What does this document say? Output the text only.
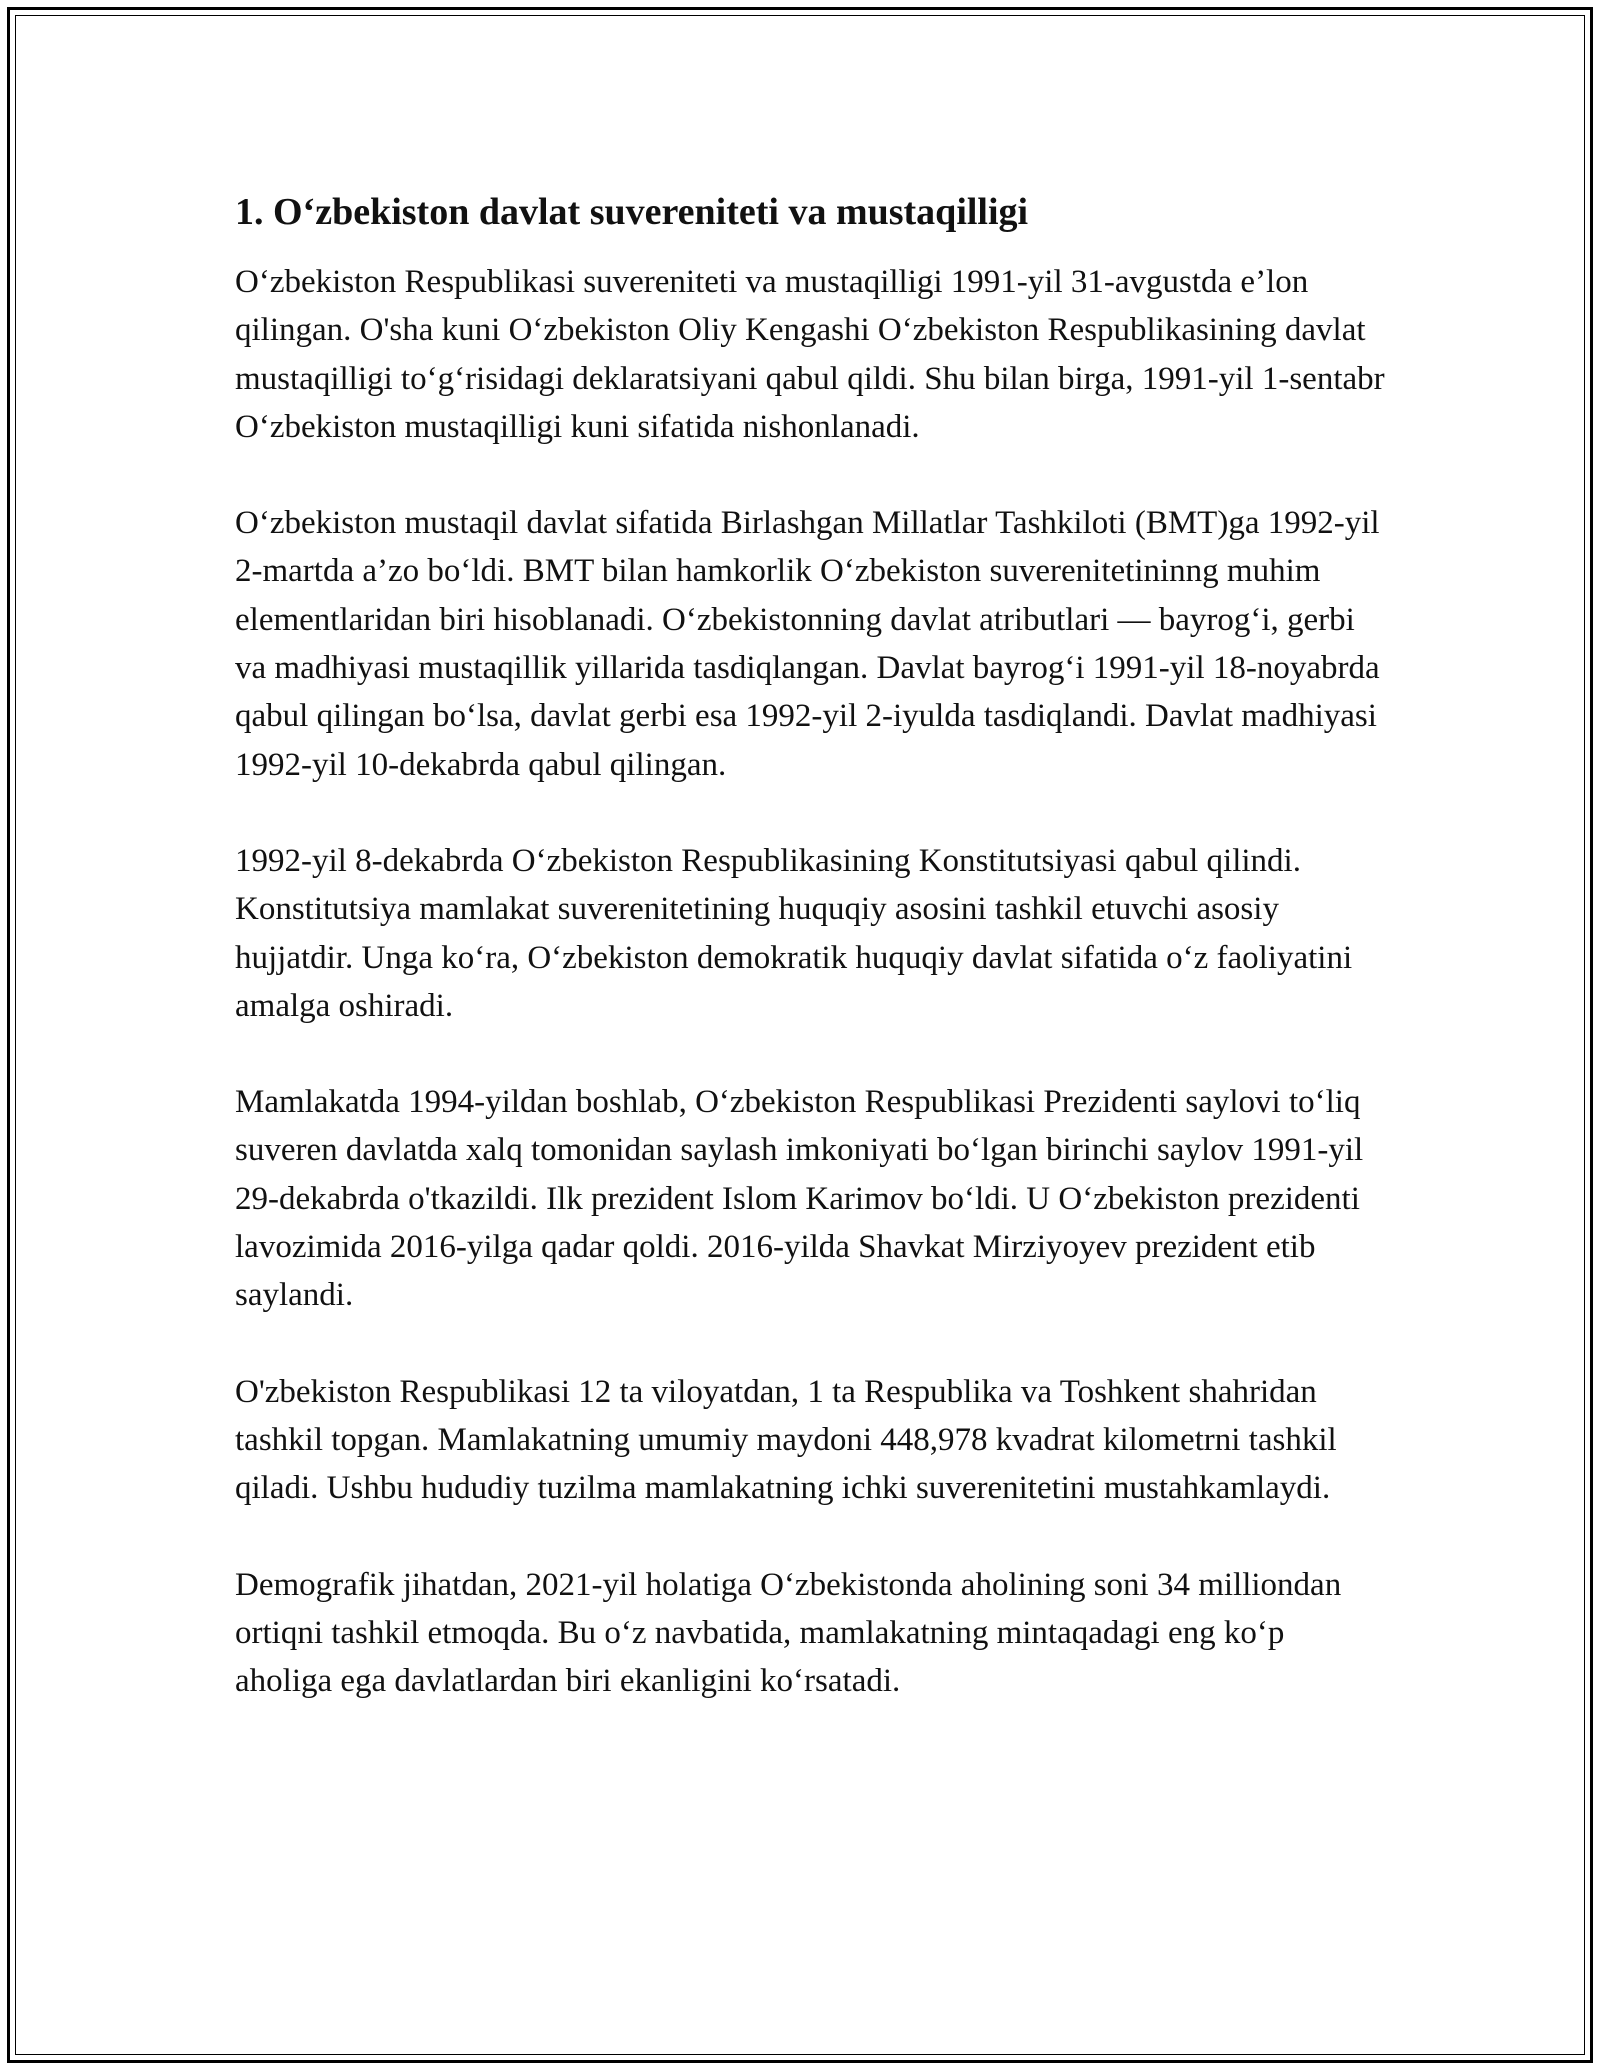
1. O‘zbekiston davlat suvereniteti va mustaqilligi

O‘zbekiston Respublikasi suvereniteti va mustaqilligi 1991-yil 31-avgustda e’lon qilingan. O'sha kuni O‘zbekiston Oliy Kengashi O‘zbekiston Respublikasining davlat mustaqilligi to‘g‘risidagi deklaratsiyani qabul qildi. Shu bilan birga, 1991-yil 1-sentabr O‘zbekiston mustaqilligi kuni sifatida nishonlanadi.

O‘zbekiston mustaqil davlat sifatida Birlashgan Millatlar Tashkiloti (BMT)ga 1992-yil 2-martda a’zo bo‘ldi. BMT bilan hamkorlik O‘zbekiston suverenitetininng muhim elementlaridan biri hisoblanadi. O‘zbekistonning davlat atributlari — bayrog‘i, gerbi va madhiyasi mustaqillik yillarida tasdiqlangan. Davlat bayrog‘i 1991-yil 18-noyabrda qabul qilingan bo‘lsa, davlat gerbi esa 1992-yil 2-iyulda tasdiqlandi. Davlat madhiyasi 1992-yil 10-dekabrda qabul qilingan.

1992-yil 8-dekabrda O‘zbekiston Respublikasining Konstitutsiyasi qabul qilindi. Konstitutsiya mamlakat suverenitetining huquqiy asosini tashkil etuvchi asosiy hujjatdir. Unga ko‘ra, O‘zbekiston demokratik huquqiy davlat sifatida o‘z faoliyatini amalga oshiradi.

Mamlakatda 1994-yildan boshlab, O‘zbekiston Respublikasi Prezidenti saylovi to‘liq suveren davlatda xalq tomonidan saylash imkoniyati bo‘lgan birinchi saylov 1991-yil 29-dekabrda o'tkazildi. Ilk prezident Islom Karimov bo‘ldi. U O‘zbekiston prezidenti lavozimida 2016-yilga qadar qoldi. 2016-yilda Shavkat Mirziyoyev prezident etib saylandi.

O'zbekiston Respublikasi 12 ta viloyatdan, 1 ta Respublika va Toshkent shahridan tashkil topgan. Mamlakatning umumiy maydoni 448,978 kvadrat kilometrni tashkil qiladi. Ushbu hududiy tuzilma mamlakatning ichki suverenitetini mustahkamlaydi.

Demografik jihatdan, 2021-yil holatiga O‘zbekistonda aholining soni 34 milliondan ortiqni tashkil etmoqda. Bu o‘z navbatida, mamlakatning mintaqadagi eng ko‘p aholiga ega davlatlardan biri ekanligini ko‘rsatadi.
